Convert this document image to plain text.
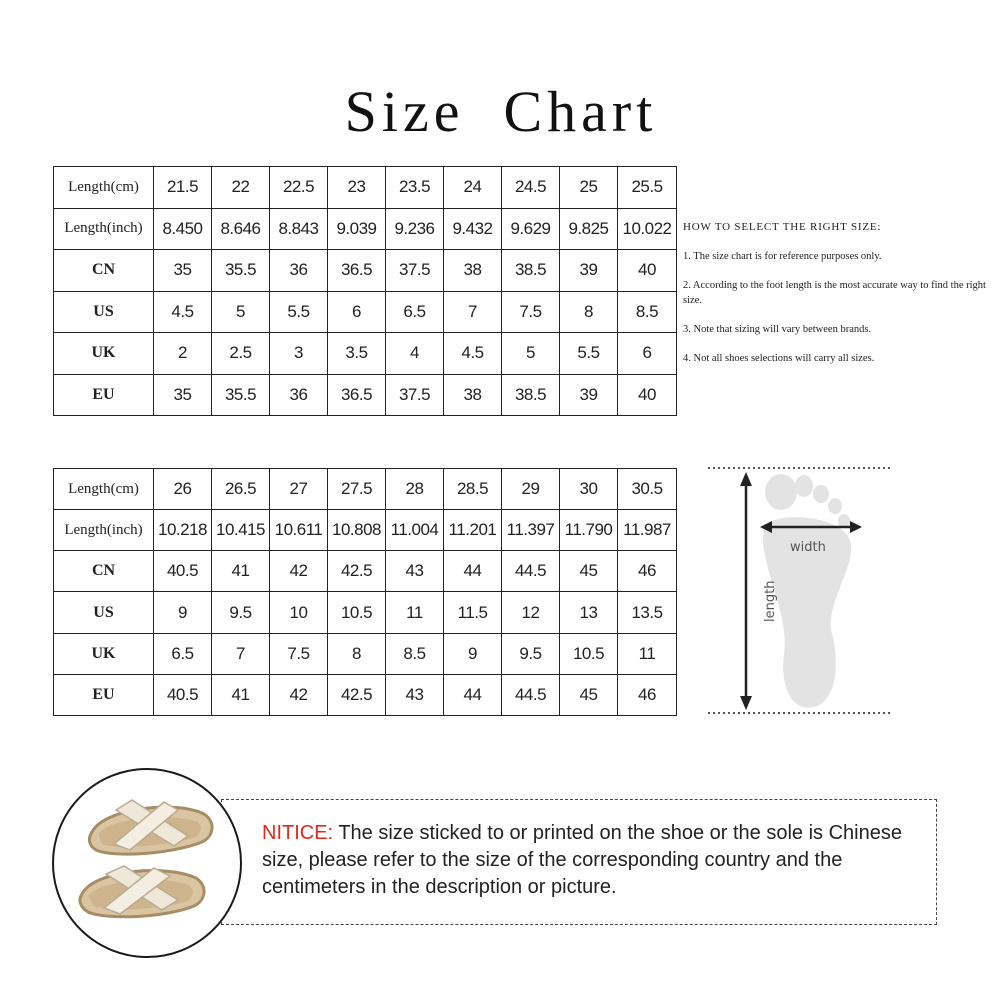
Size  Chart
Length(cm)	21.5	22	22.5	23	23.5	24	24.5	25	25.5
Length(inch)	8.450	8.646	8.843	9.039	9.236	9.432	9.629	9.825	10.022
CN	35	35.5	36	36.5	37.5	38	38.5	39	40
US	4.5	5	5.5	6	6.5	7	7.5	8	8.5
UK	2	2.5	3	3.5	4	4.5	5	5.5	6
EU	35	35.5	36	36.5	37.5	38	38.5	39	40
Length(cm)	26	26.5	27	27.5	28	28.5	29	30	30.5
Length(inch)	10.218	10.415	10.611	10.808	11.004	11.201	11.397	11.790	11.987
CN	40.5	41	42	42.5	43	44	44.5	45	46
US	9	9.5	10	10.5	11	11.5	12	13	13.5
UK	6.5	7	7.5	8	8.5	9	9.5	10.5	11
EU	40.5	41	42	42.5	43	44	44.5	45	46
HOW TO SELECT THE RIGHT SIZE:
1. The size chart is for reference purposes only.
2. According to the foot length is the most accurate way to find the right size.
3. Note that sizing will vary between brands.
4. Not all shoes selections will carry all sizes.
width
length
NITICE: The size sticked to or printed on the shoe or the sole is Chinese size, please refer to the size of the corresponding country and the centimeters in the description or picture.
